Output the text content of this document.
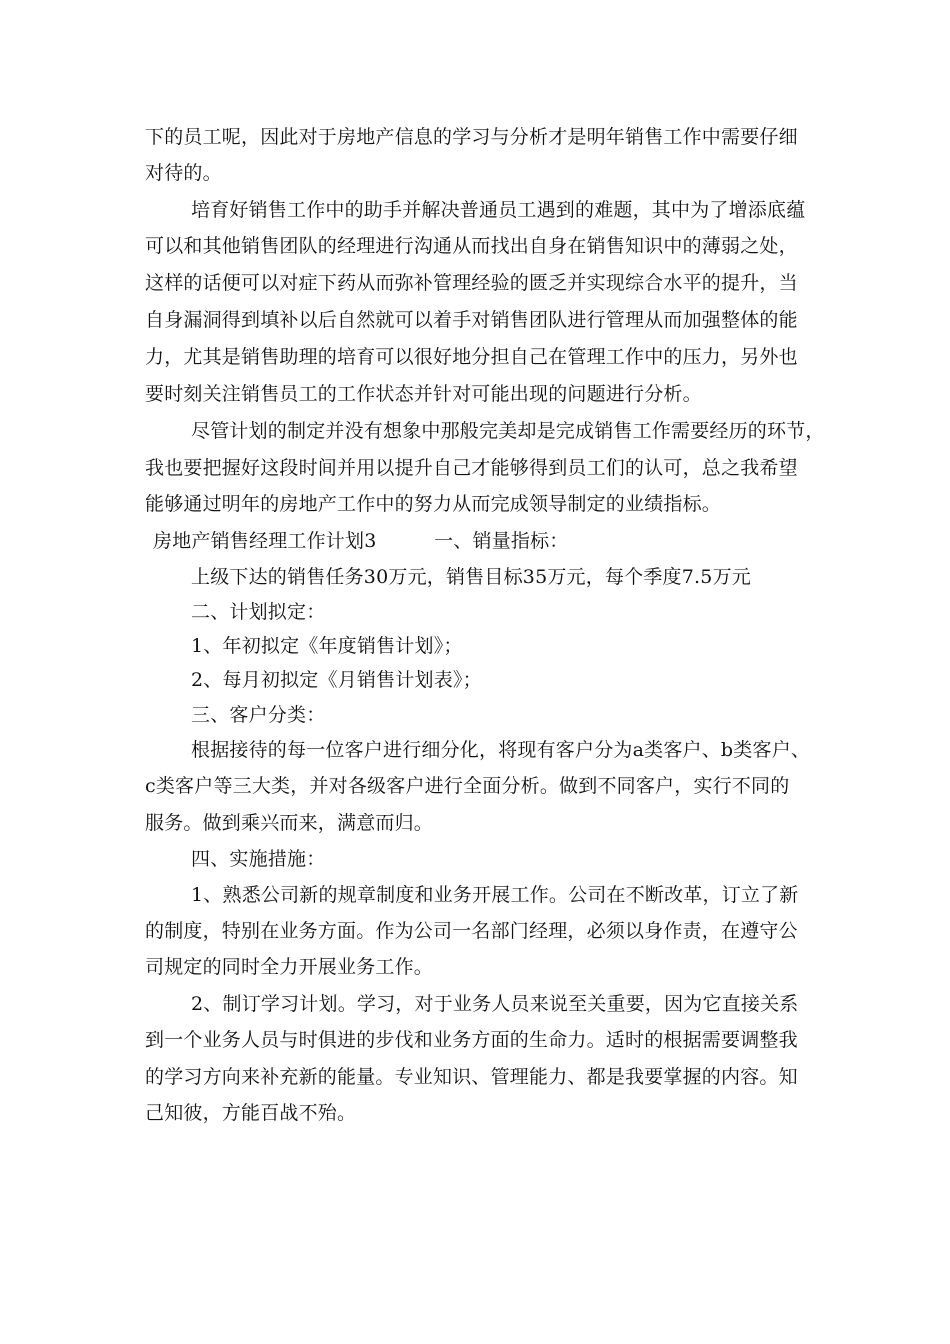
下的员工呢，因此对于房地产信息的学习与分析才是明年销售工作中需要仔细
对待的。
培育好销售工作中的助手并解决普通员工遇到的难题，其中为了增添底蕴
可以和其他销售团队的经理进行沟通从而找出自身在销售知识中的薄弱之处，
这样的话便可以对症下药从而弥补管理经验的匮乏并实现综合水平的提升，当
自身漏洞得到填补以后自然就可以着手对销售团队进行管理从而加强整体的能
力，尤其是销售助理的培育可以很好地分担自己在管理工作中的压力，另外也
要时刻关注销售员工的工作状态并针对可能出现的问题进行分析。
尽管计划的制定并没有想象中那般完美却是完成销售工作需要经历的环节，
我也要把握好这段时间并用以提升自己才能够得到员工们的认可，总之我希望
能够通过明年的房地产工作中的努力从而完成领导制定的业绩指标。
房地产销售经理工作计划3　　　一、销量指标：
上级下达的销售任务30万元，销售目标35万元，每个季度7.5万元
二、计划拟定：
1、年初拟定《年度销售计划》；
2、每月初拟定《月销售计划表》；
三、客户分类：
根据接待的每一位客户进行细分化，将现有客户分为a类客户、b类客户、
c类客户等三大类，并对各级客户进行全面分析。做到不同客户，实行不同的
服务。做到乘兴而来，满意而归。
四、实施措施：
1、熟悉公司新的规章制度和业务开展工作。公司在不断改革，订立了新
的制度，特别在业务方面。作为公司一名部门经理，必须以身作责，在遵守公
司规定的同时全力开展业务工作。
2、制订学习计划。学习，对于业务人员来说至关重要，因为它直接关系
到一个业务人员与时俱进的步伐和业务方面的生命力。适时的根据需要调整我
的学习方向来补充新的能量。专业知识、管理能力、都是我要掌握的内容。知
己知彼，方能百战不殆。
